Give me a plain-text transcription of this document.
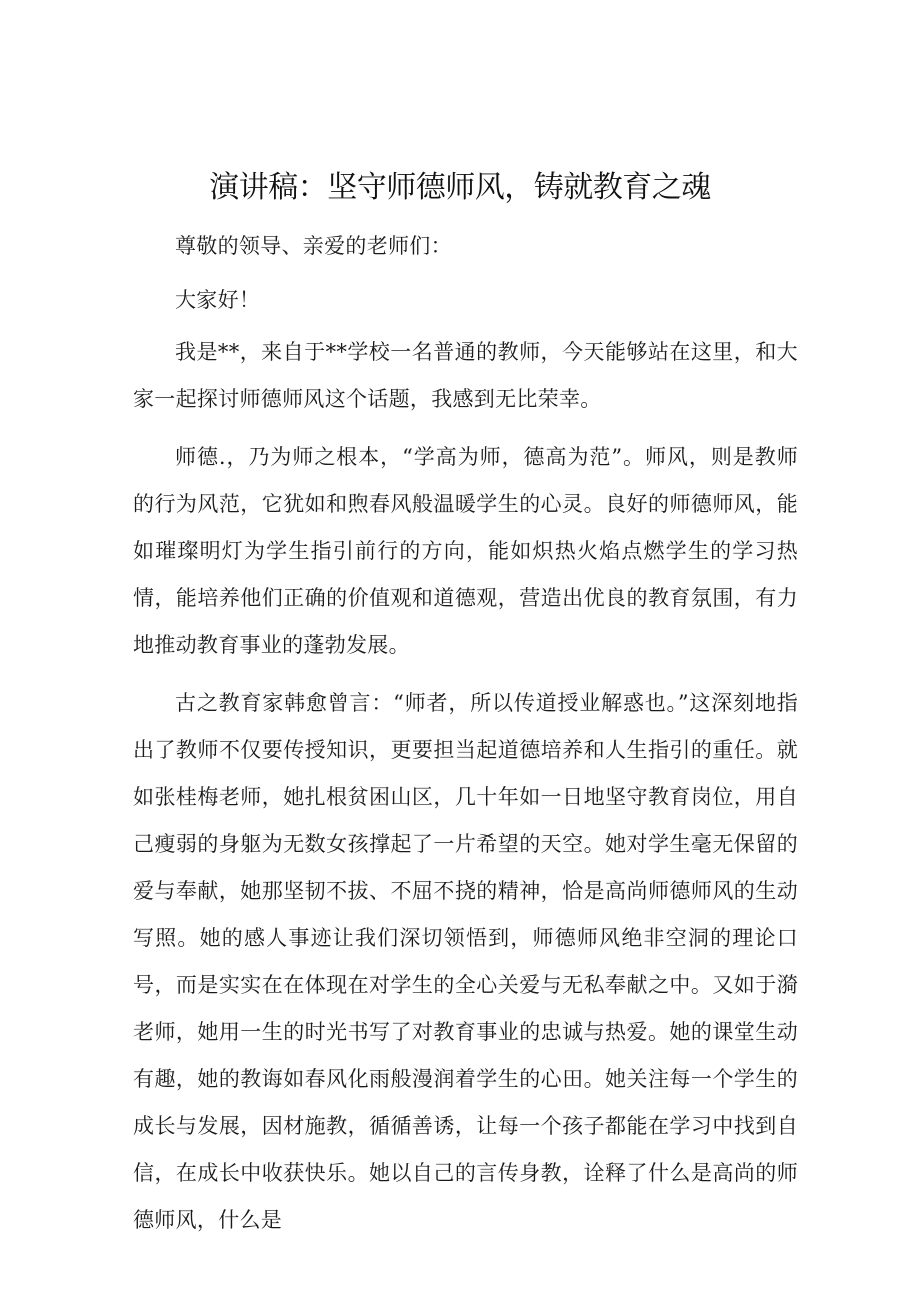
演讲稿：坚守师德师风，铸就教育之魂

尊敬的领导、亲爱的老师们：

大家好！

我是**，来自于**学校一名普通的教师，今天能够站在这里，和大家一起探讨师德师风这个话题，我感到无比荣幸。

师德.，乃为师之根本，“学高为师，德高为范”。师风，则是教师的行为风范，它犹如和煦春风般温暖学生的心灵。良好的师德师风，能如璀璨明灯为学生指引前行的方向，能如炽热火焰点燃学生的学习热情，能培养他们正确的价值观和道德观，营造出优良的教育氛围，有力地推动教育事业的蓬勃发展。

古之教育家韩愈曾言：“师者，所以传道授业解惑也。”这深刻地指出了教师不仅要传授知识，更要担当起道德培养和人生指引的重任。就如张桂梅老师，她扎根贫困山区，几十年如一日地坚守教育岗位，用自己瘦弱的身躯为无数女孩撑起了一片希望的天空。她对学生毫无保留的爱与奉献，她那坚韧不拔、不屈不挠的精神，恰是高尚师德师风的生动写照。她的感人事迹让我们深切领悟到，师德师风绝非空洞的理论口号，而是实实在在体现在对学生的全心关爱与无私奉献之中。又如于漪老师，她用一生的时光书写了对教育事业的忠诚与热爱。她的课堂生动有趣，她的教诲如春风化雨般漫润着学生的心田。她关注每一个学生的成长与发展，因材施教，循循善诱，让每一个孩子都能在学习中找到自信，在成长中收获快乐。她以自己的言传身教，诠释了什么是高尚的师德师风，什么是
